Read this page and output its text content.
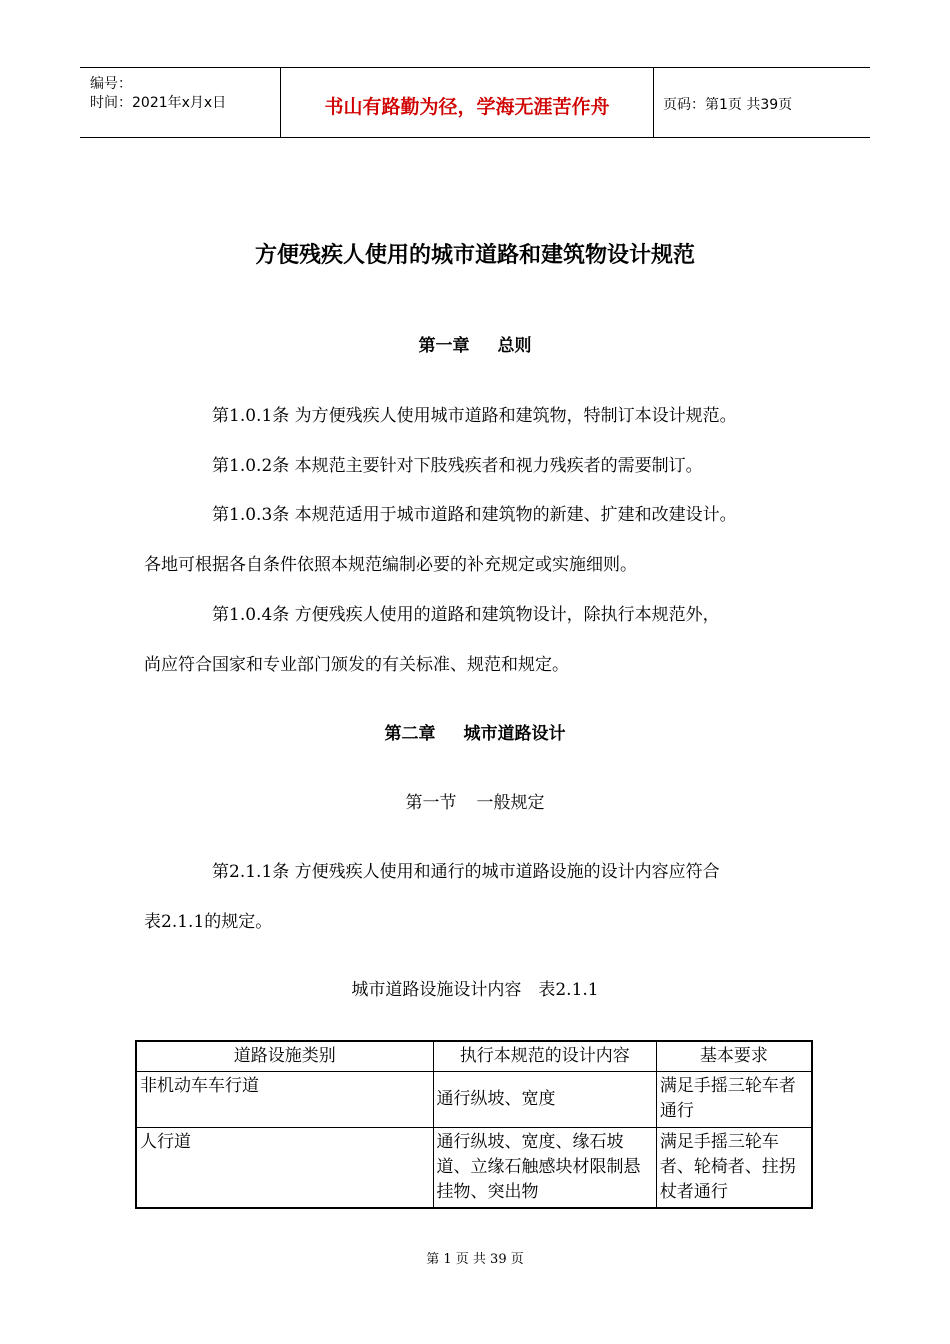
编号：
时间：2021年x月x日	书山有路勤为径，学海无涯苦作舟	页码：第1页 共39页
方便残疾人使用的城市道路和建筑物设计规范
第一章 总则
第1.0.1条 为方便残疾人使用城市道路和建筑物，特制订本设计规范。
第1.0.2条 本规范主要针对下肢残疾者和视力残疾者的需要制订。
第1.0.3条 本规范适用于城市道路和建筑物的新建、扩建和改建设计。
各地可根据各自条件依照本规范编制必要的补充规定或实施细则。
第1.0.4条 方便残疾人使用的道路和建筑物设计，除执行本规范外，
尚应符合国家和专业部门颁发的有关标准、规范和规定。
第二章 城市道路设计
第一节 一般规定
第2.1.1条 方便残疾人使用和通行的城市道路设施的设计内容应符合
表2.1.1的规定。
城市道路设施设计内容　表2.1.1
道路设施类别	执行本规范的设计内容	基本要求
非机动车车行道	通行纵坡、宽度	满足手摇三轮车者通行
人行道	通行纵坡、宽度、缘石坡道、立缘石触感块材限制悬挂物、突出物	满足手摇三轮车者、轮椅者、拄拐杖者通行
第 1 页 共 39 页
